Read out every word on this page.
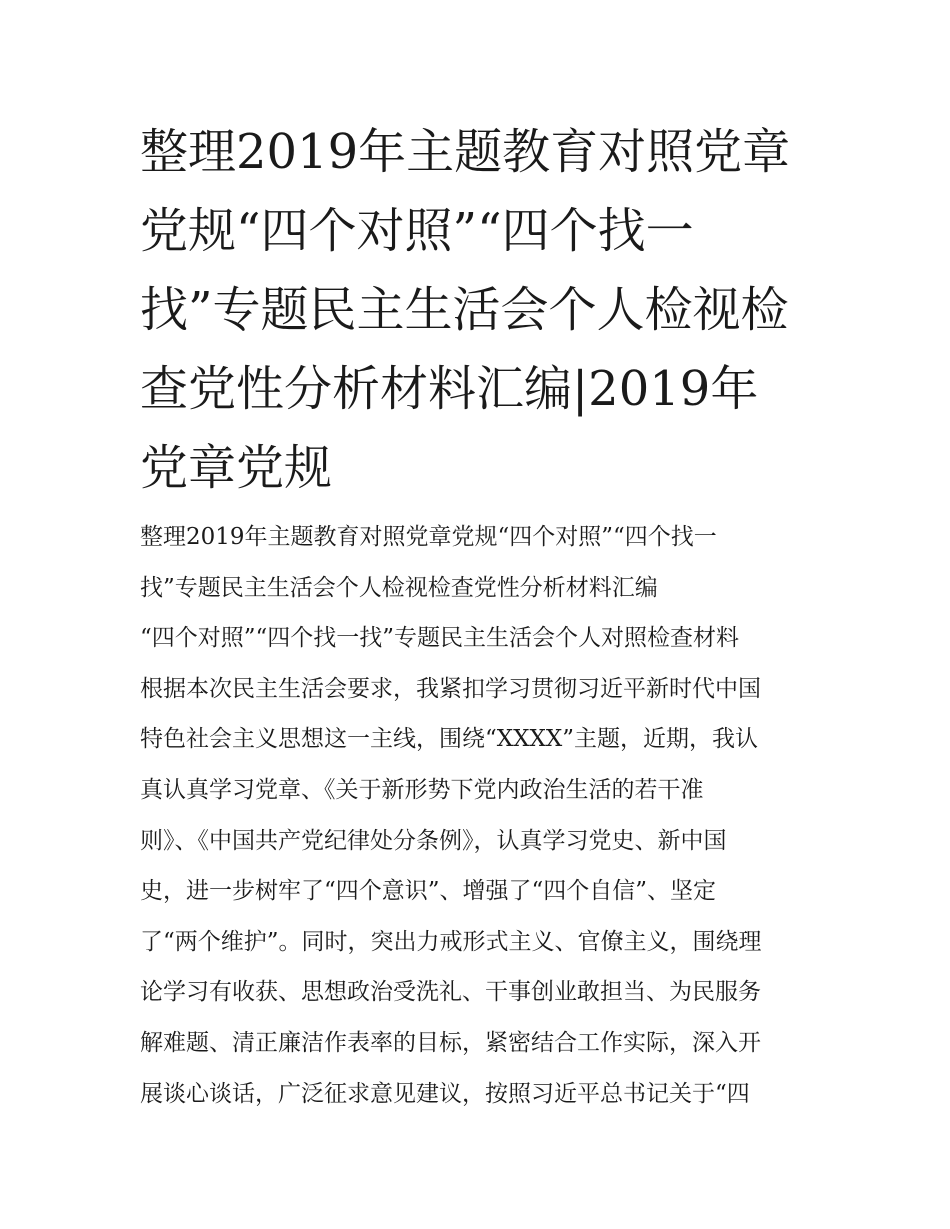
整理2019年主题教育对照党章
党规“四个对照”“四个找一
找”专题民主生活会个人检视检
查党性分析材料汇编|2019年
党章党规
整理2019年主题教育对照党章党规“四个对照”“四个找一
找”专题民主生活会个人检视检查党性分析材料汇编
“四个对照”“四个找一找”专题民主生活会个人对照检查材料
根据本次民主生活会要求，我紧扣学习贯彻习近平新时代中国
特色社会主义思想这一主线，围绕“XXXX”主题，近期，我认
真认真学习党章、《关于新形势下党内政治生活的若干准
则》、《中国共产党纪律处分条例》，认真学习党史、新中国
史，进一步树牢了“四个意识”、增强了“四个自信”、坚定
了“两个维护”。同时，突出力戒形式主义、官僚主义，围绕理
论学习有收获、思想政治受洗礼、干事创业敢担当、为民服务
解难题、清正廉洁作表率的目标，紧密结合工作实际，深入开
展谈心谈话，广泛征求意见建议，按照习近平总书记关于“四
